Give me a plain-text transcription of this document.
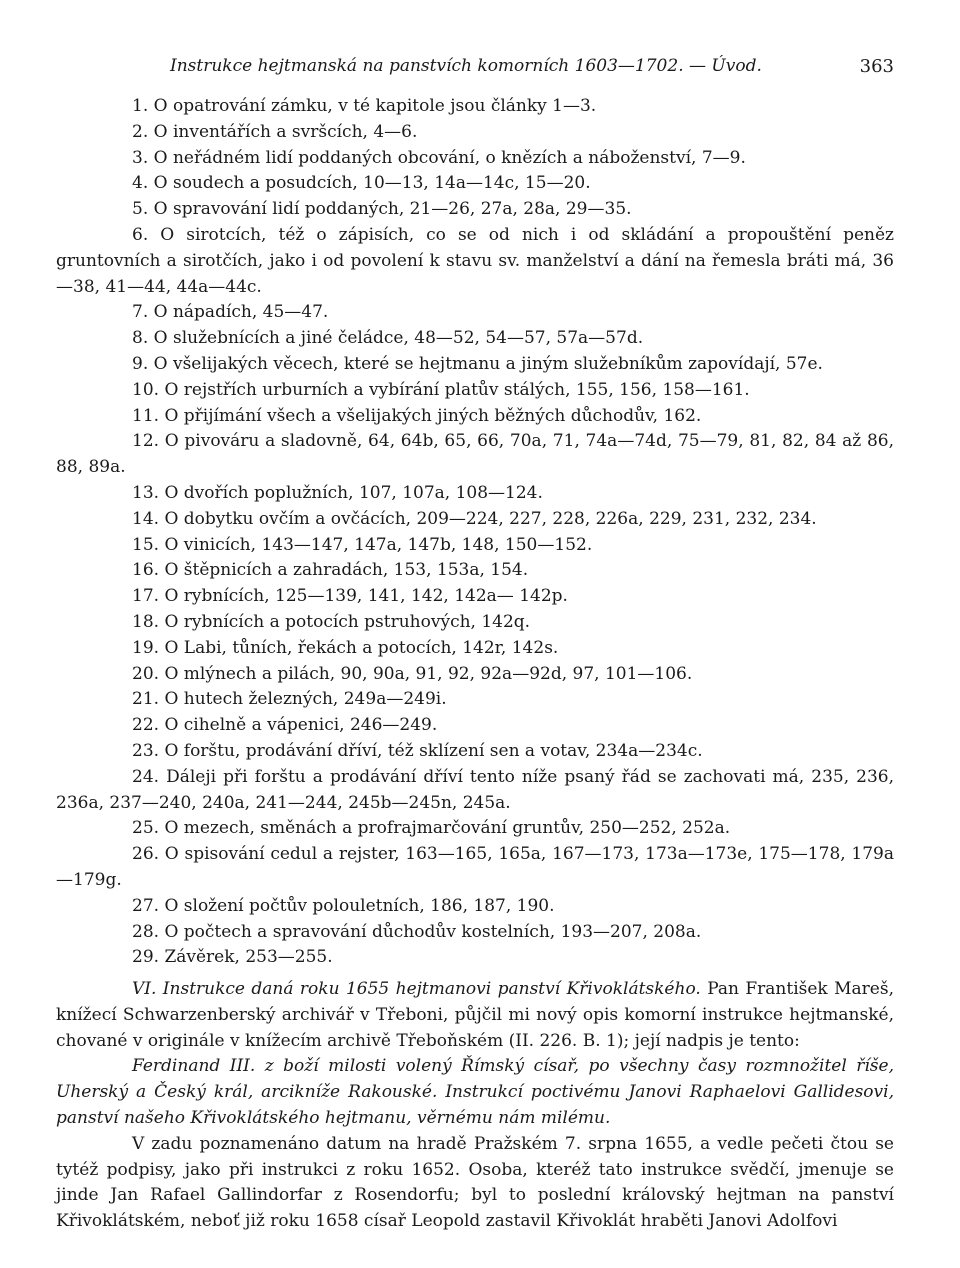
Instrukce hejtmanská na panstvích komorních 1603—1702. — Úvod.	363

1. O opatrování zámku, v té kapitole jsou články 1—3.

2. O inventářích a svršcích, 4—6.

3. O neřádném lidí poddaných obcování, o knězích a náboženství, 7—9.

4. O soudech a posudcích, 10—13, 14a—14c, 15—20.

5. O spravování lidí poddaných, 21—26, 27a, 28a, 29—35.

6. O sirotcích, též o zápisích, co se od nich i od skládání a propouštění peněz gruntovních a sirotčích, jako i od povolení k stavu sv. manželství a dání na řemesla bráti má, 36—38, 41—44, 44a—44c.

7. O nápadích, 45—47.

8. O služebnících a jiné čeládce, 48—52, 54—57, 57a—57d.

9. O všelijakých věcech, které se hejtmanu a jiným služebníkům zapovídají, 57e.

10. O rejstřích urburních a vybírání platův stálých, 155, 156, 158—161.

11. O přijímání všech a všelijakých jiných běžných důchodův, 162.

12. O pivováru a sladovně, 64, 64b, 65, 66, 70a, 71, 74a—74d, 75—79, 81, 82, 84 až 86, 88, 89a.

13. O dvořích poplužních, 107, 107a, 108—124.

14. O dobytku ovčím a ovčácích, 209—224, 227, 228, 226a, 229, 231, 232, 234.

15. O vinicích, 143—147, 147a, 147b, 148, 150—152.

16. O štěpnicích a zahradách, 153, 153a, 154.

17. O rybnících, 125—139, 141, 142, 142a— 142p.

18. O rybnících a potocích pstruhových, 142q.

19. O Labi, tůních, řekách a potocích, 142r, 142s.

20. O mlýnech a pilách, 90, 90a, 91, 92, 92a—92d, 97, 101—106.

21. O hutech železných, 249a—249i.

22. O cihelně a vápenici, 246—249.

23. O forštu, prodávání dříví, též sklízení sen a votav, 234a—234c.

24. Dáleji při forštu a prodávání dříví tento níže psaný řád se zachovati má, 235, 236, 236a, 237—240, 240a, 241—244, 245b—245n, 245a.

25. O mezech, směnách a profrajmarčování gruntův, 250—252, 252a.

26. O spisování cedul a rejster, 163—165, 165a, 167—173, 173a—173e, 175—178, 179a—179g.

27. O složení počtův polouletních, 186, 187, 190.

28. O počtech a spravování důchodův kostelních, 193—207, 208a.

29. Závěrek, 253—255.

VI. Instrukce daná roku 1655 hejtmanovi panství Křivoklátského. Pan František Mareš, knížecí Schwarzenberský archivář v Třeboni, půjčil mi nový opis komorní instrukce hejtmanské, chované v originále v knížecím archivě Třeboňském (II. 226. B. 1); její nadpis je tento:

Ferdinand III. z boží milosti volený Římský císař, po všechny časy rozmnožitel říše, Uherský a Český král, arcikníže Rakouské. Instrukcí poctivému Janovi Raphaelovi Gallidesovi, panství našeho Křivoklátského hejtmanu, věrnému nám milému.

V zadu poznamenáno datum na hradě Pražském 7. srpna 1655, a vedle pečeti čtou se tytéž podpisy, jako při instrukci z roku 1652. Osoba, kteréž tato instrukce svědčí, jmenuje se jinde Jan Rafael Gallindorfar z Rosendorfu; byl to poslední královský hejtman na panství Křivoklátském, neboť již roku 1658 císař Leopold zastavil Křivoklát hraběti Janovi Adolfovi
